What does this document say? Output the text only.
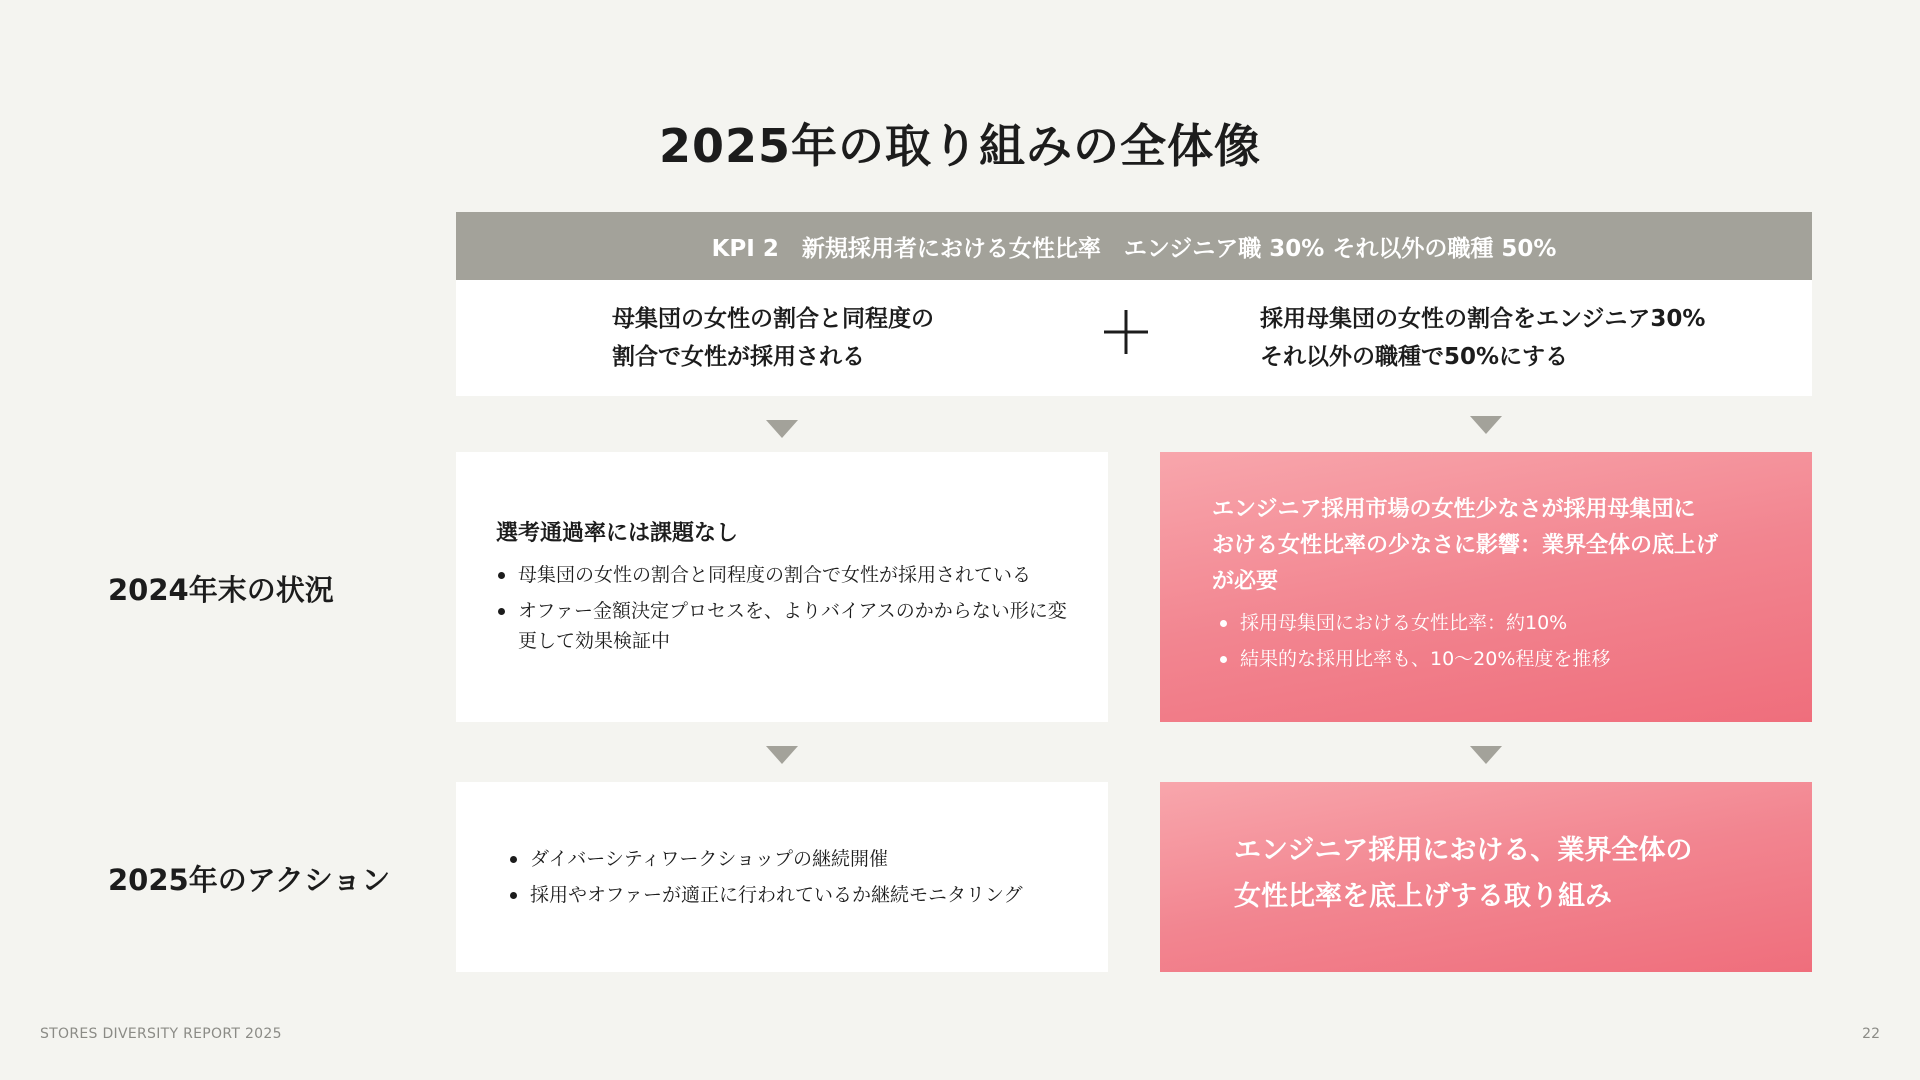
2025年の取り組みの全体像
KPI 2　新規採用者における女性比率　エンジニア職 30% それ以外の職種 50%
母集団の女性の割合と同程度の
割合で女性が採用される
採用母集団の女性の割合をエンジニア30%
それ以外の職種で50%にする
2024年末の状況
選考通過率には課題なし
母集団の女性の割合と同程度の割合で女性が採用されている
オファー金額決定プロセスを、よりバイアスのかからない形に変更して効果検証中
エンジニア採用市場の女性少なさが採用母集団に
おける女性比率の少なさに影響：業界全体の底上げ
が必要
採用母集団における女性比率：約10%
結果的な採用比率も、10〜20%程度を推移
2025年のアクション
ダイバーシティワークショップの継続開催
採用やオファーが適正に行われているか継続モニタリング
エンジニア採用における、業界全体の
女性比率を底上げする取り組み
STORES DIVERSITY REPORT 2025	22
